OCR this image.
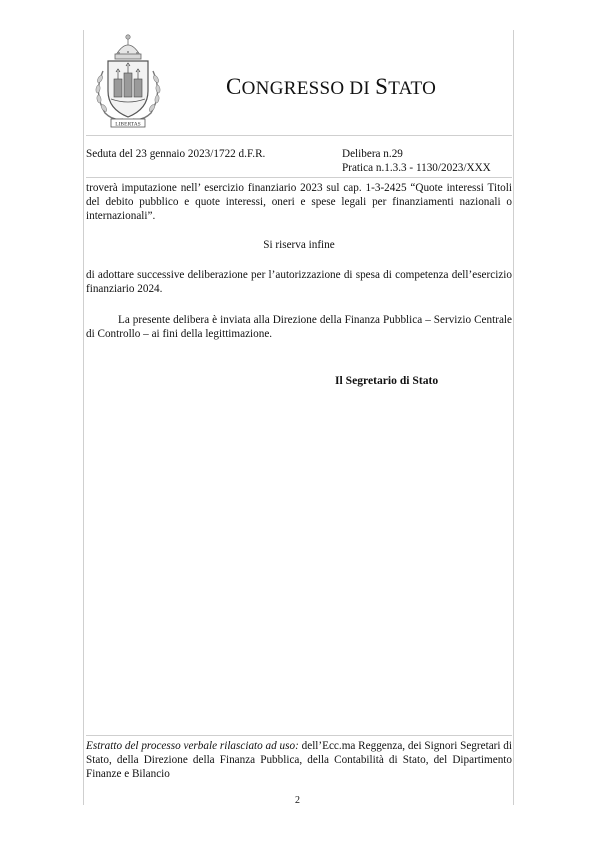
LIBERTAS
CONGRESSO DI STATO
Seduta del 23 gennaio 2023/1722 d.F.R.	Delibera n.29
Pratica n.1.3.3 - 1130/2023/XXX
troverà imputazione nell’ esercizio finanziario 2023 sul cap. 1-3-2425 “Quote interessi Titoli del debito pubblico e quote interessi, oneri e spese legali per finanziamenti nazionali o internazionali”.
Si riserva infine
di adottare successive deliberazione per l’autorizzazione di spesa di competenza dell’esercizio finanziario 2024.
La presente delibera è inviata alla Direzione della Finanza Pubblica – Servizio Centrale di Controllo – ai fini della legittimazione.
Il Segretario di Stato
Estratto del processo verbale rilasciato ad uso: dell’Ecc.ma Reggenza, dei Signori Segretari di Stato, della Direzione della Finanza Pubblica, della Contabilità di Stato, del Dipartimento Finanze e Bilancio
2
